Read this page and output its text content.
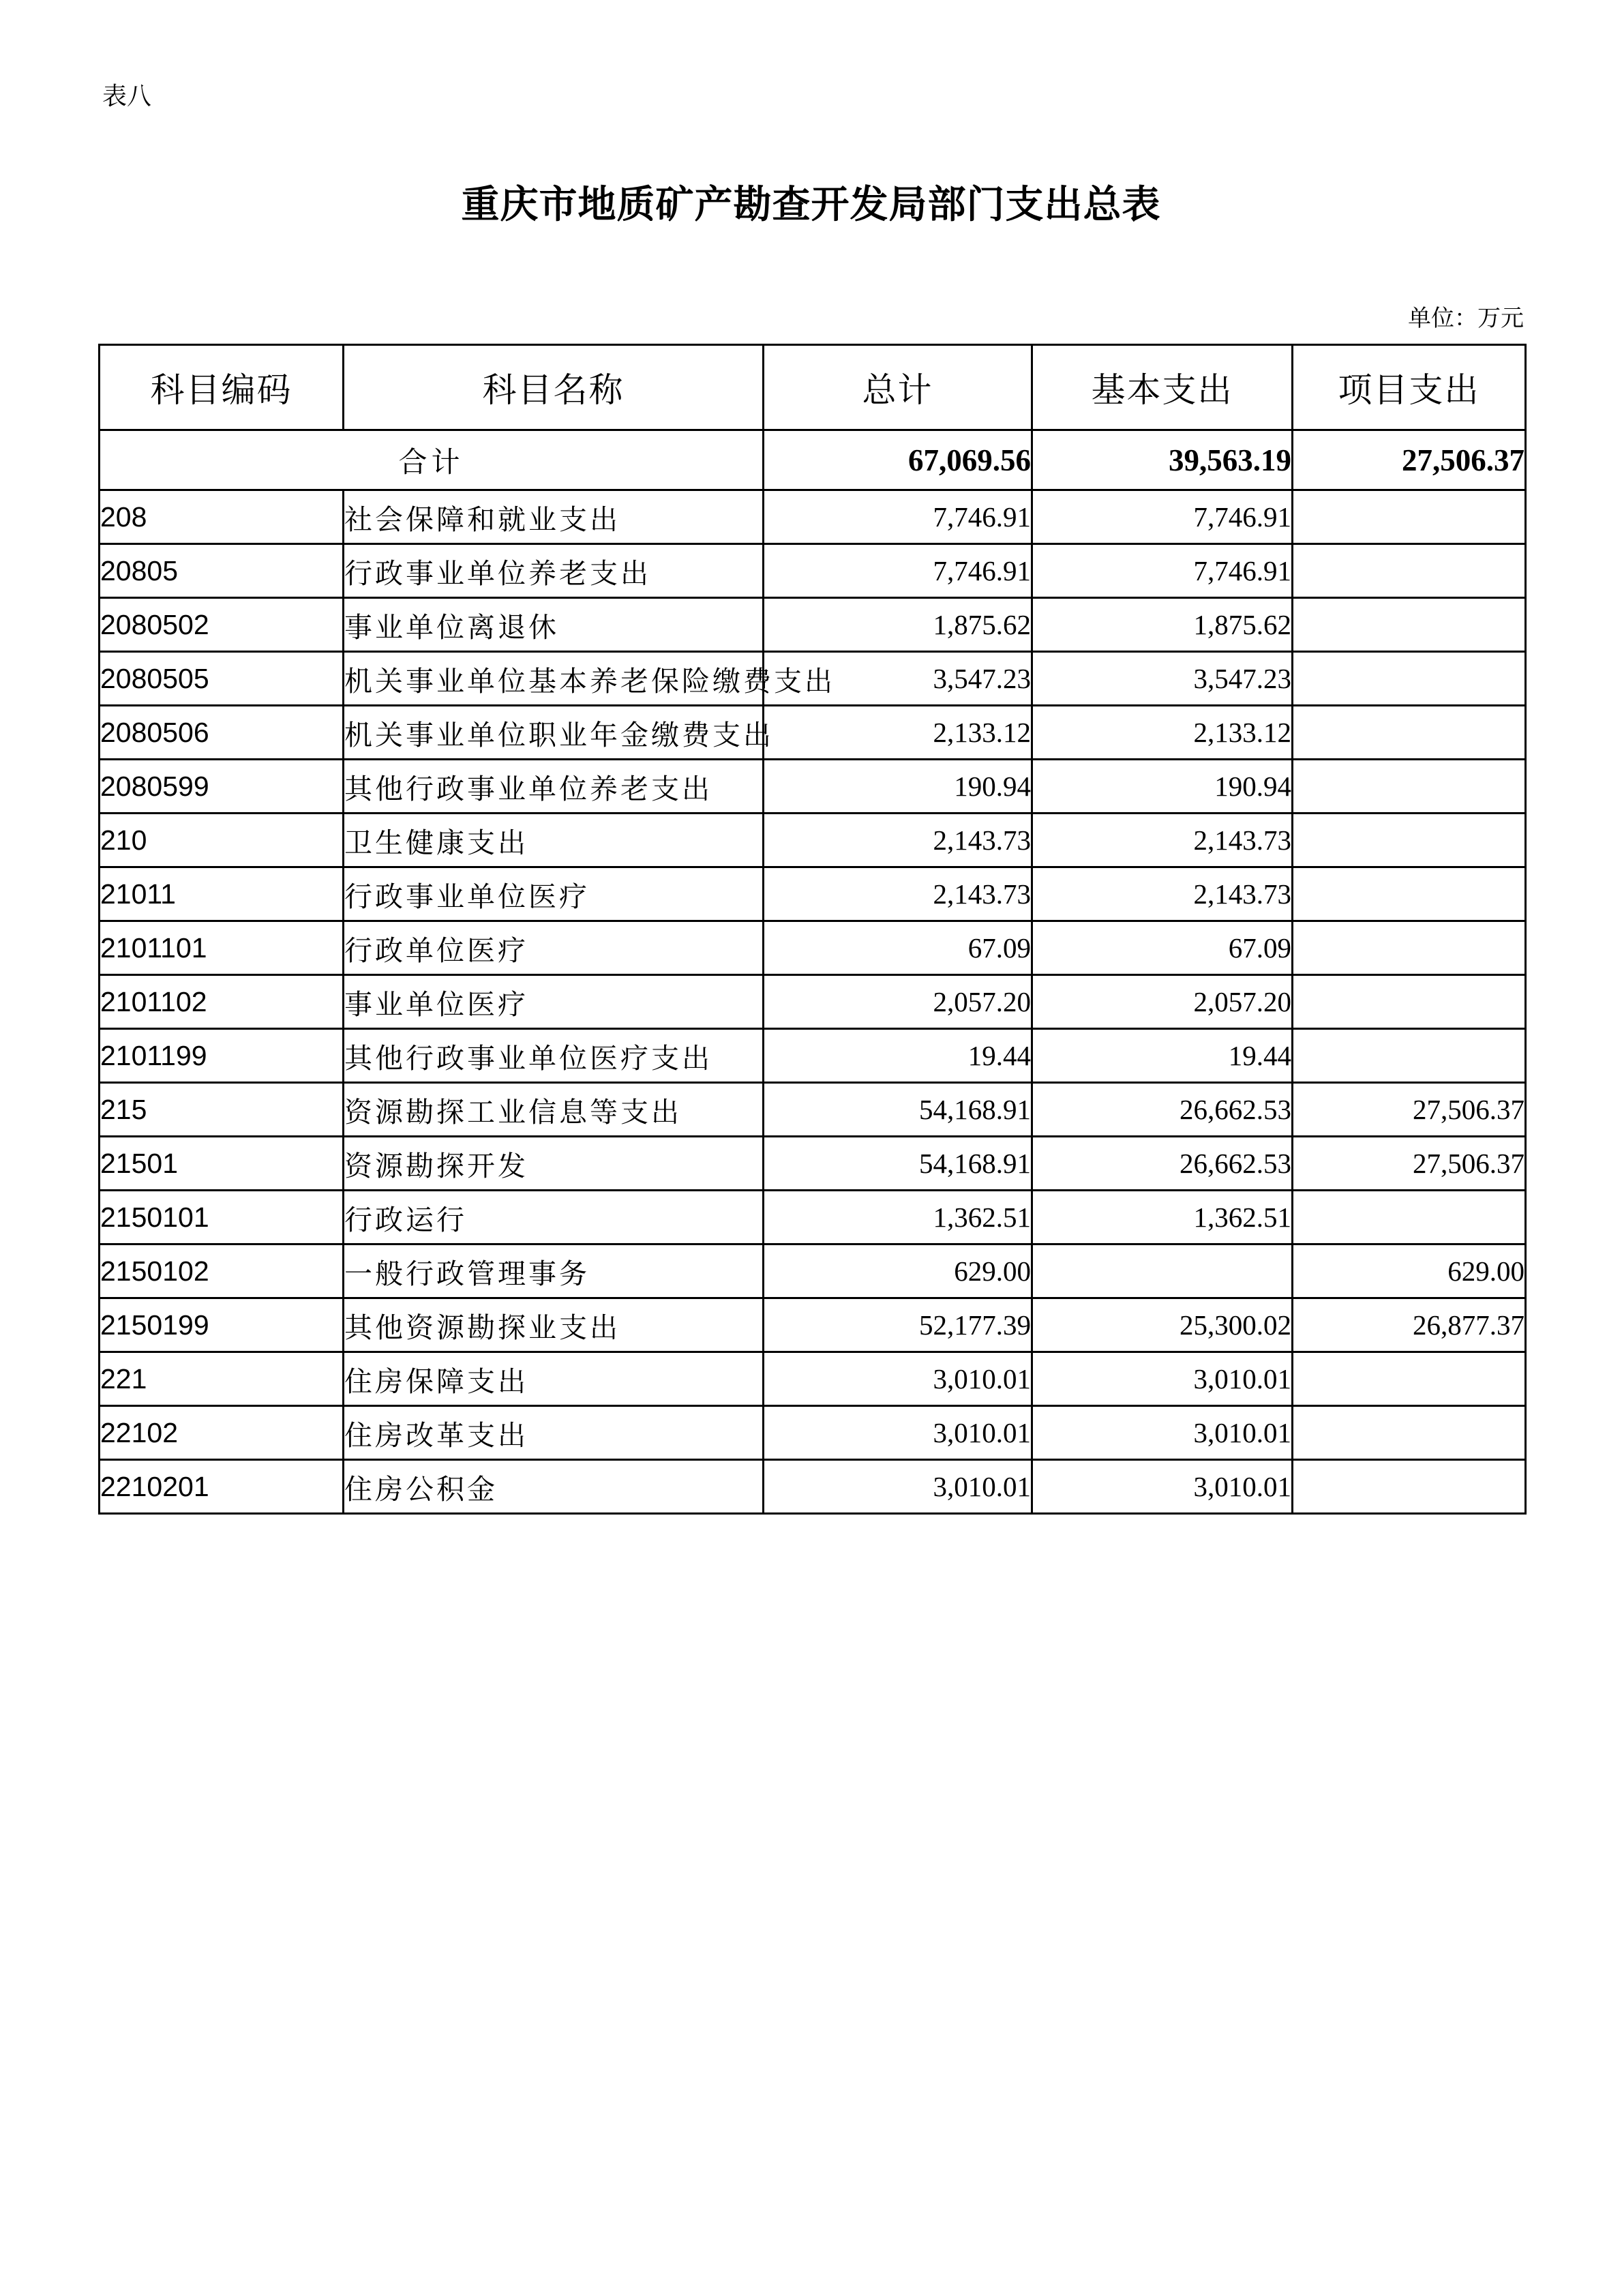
表八
重庆市地质矿产勘查开发局部门支出总表
单位：万元
科目编码	科目名称	总计	基本支出	项目支出
合计		67,069.56	39,563.19	27,506.37
208	社会保障和就业支出	7,746.91	7,746.91	
20805	行政事业单位养老支出	7,746.91	7,746.91	
2080502	事业单位离退休	1,875.62	1,875.62	
2080505	机关事业单位基本养老保险缴费支出	3,547.23	3,547.23	
2080506	机关事业单位职业年金缴费支出	2,133.12	2,133.12	
2080599	其他行政事业单位养老支出	190.94	190.94	
210	卫生健康支出	2,143.73	2,143.73	
21011	行政事业单位医疗	2,143.73	2,143.73	
2101101	行政单位医疗	67.09	67.09	
2101102	事业单位医疗	2,057.20	2,057.20	
2101199	其他行政事业单位医疗支出	19.44	19.44	
215	资源勘探工业信息等支出	54,168.91	26,662.53	27,506.37
21501	资源勘探开发	54,168.91	26,662.53	27,506.37
2150101	行政运行	1,362.51	1,362.51	
2150102	一般行政管理事务	629.00		629.00
2150199	其他资源勘探业支出	52,177.39	25,300.02	26,877.37
221	住房保障支出	3,010.01	3,010.01	
22102	住房改革支出	3,010.01	3,010.01	
2210201	住房公积金	3,010.01	3,010.01	
